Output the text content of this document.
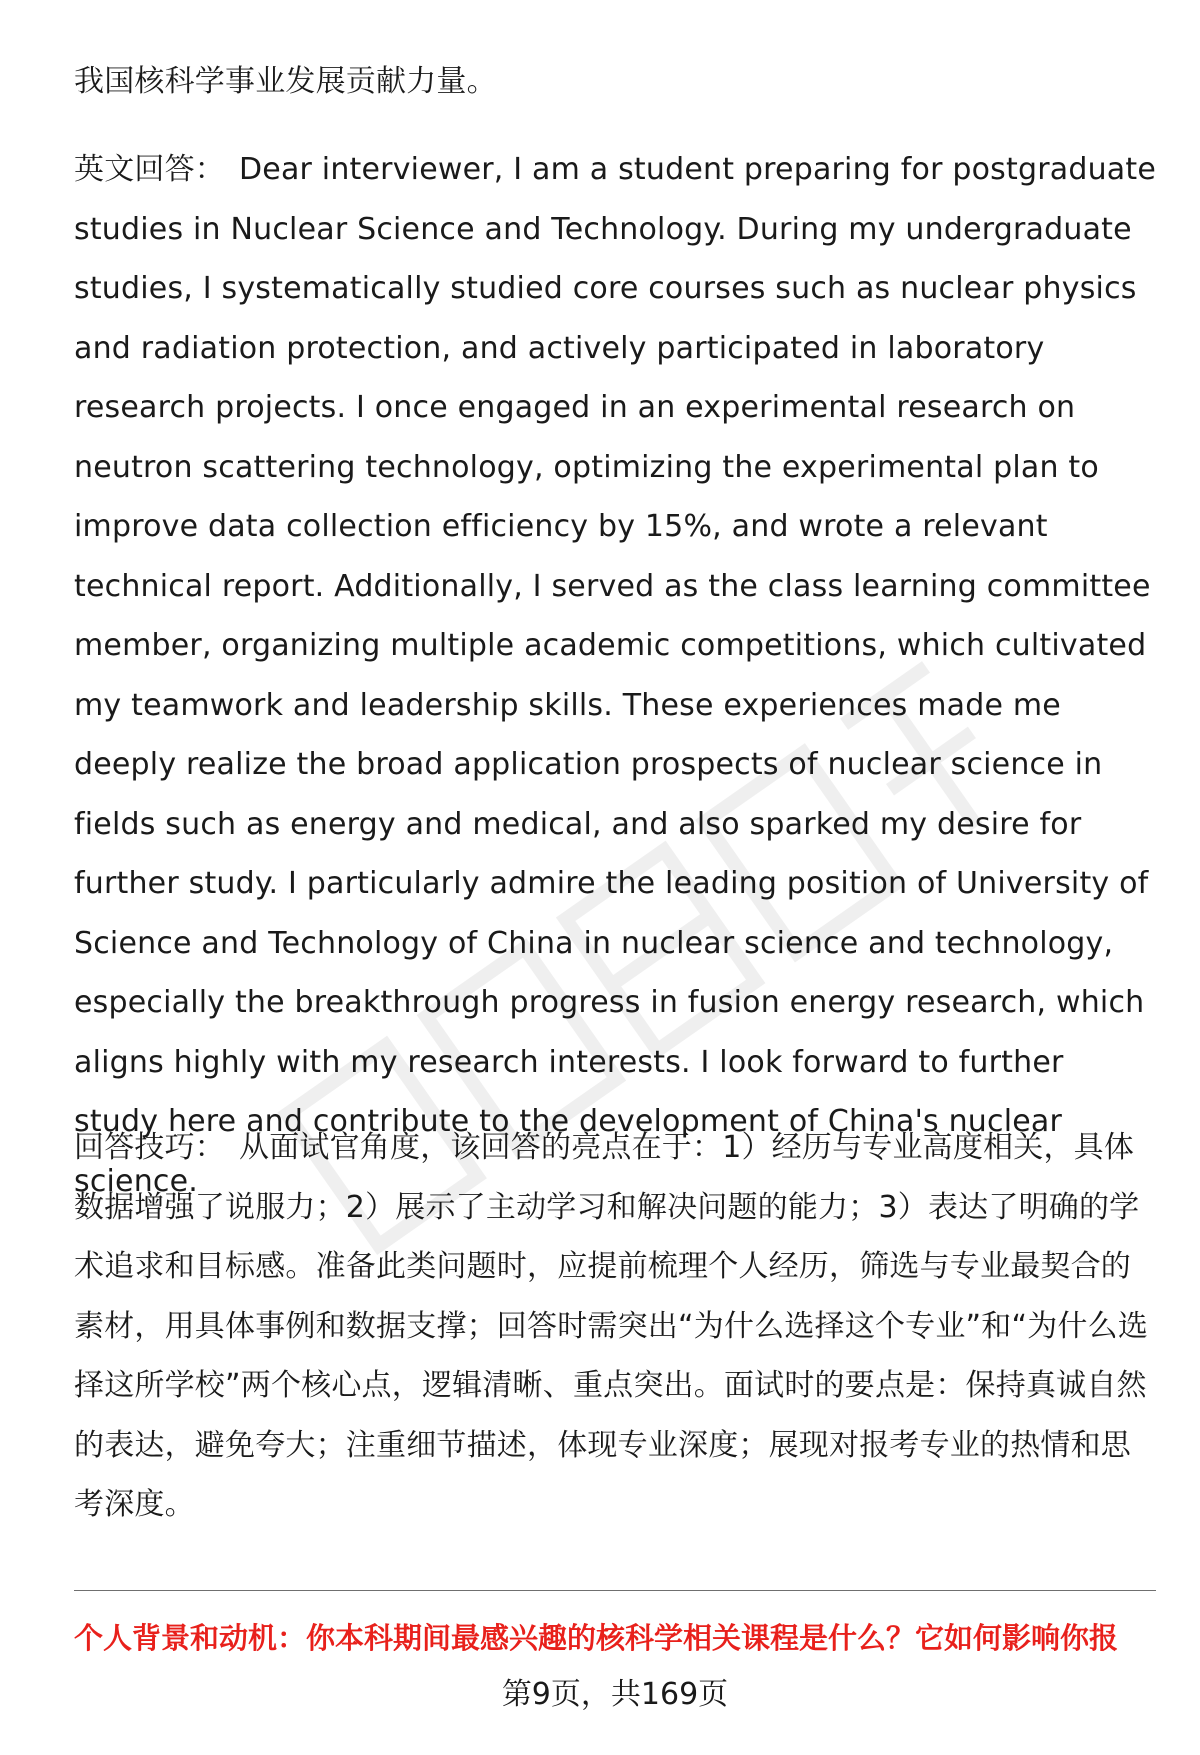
我国核科学事业发展贡献力量。

英文回答： Dear interviewer, I am a student preparing for postgraduate studies in Nuclear Science and Technology. During my undergraduate studies, I systematically studied core courses such as nuclear physics and radiation protection, and actively participated in laboratory research projects. I once engaged in an experimental research on neutron scattering technology, optimizing the experimental plan to improve data collection efficiency by 15%, and wrote a relevant technical report. Additionally, I served as the class learning committee member, organizing multiple academic competitions, which cultivated my teamwork and leadership skills. These experiences made me deeply realize the broad application prospects of nuclear science in fields such as energy and medical, and also sparked my desire for further study. I particularly admire the leading position of University of Science and Technology of China in nuclear science and technology, especially the breakthrough progress in fusion energy research, which aligns highly with my research interests. I look forward to further study here and contribute to the development of China's nuclear science.

回答技巧： 从面试官角度，该回答的亮点在于：1）经历与专业高度相关，具体数据增强了说服力；2）展示了主动学习和解决问题的能力；3）表达了明确的学术追求和目标感。准备此类问题时，应提前梳理个人经历，筛选与专业最契合的素材，用具体事例和数据支撑；回答时需突出“为什么选择这个专业”和“为什么选择这所学校”两个核心点，逻辑清晰、重点突出。面试时的要点是：保持真诚自然的表达，避免夸大；注重细节描述，体现专业深度；展现对报考专业的热情和思考深度。

个人背景和动机：你本科期间最感兴趣的核科学相关课程是什么？它如何影响你报
第9页，共169页
